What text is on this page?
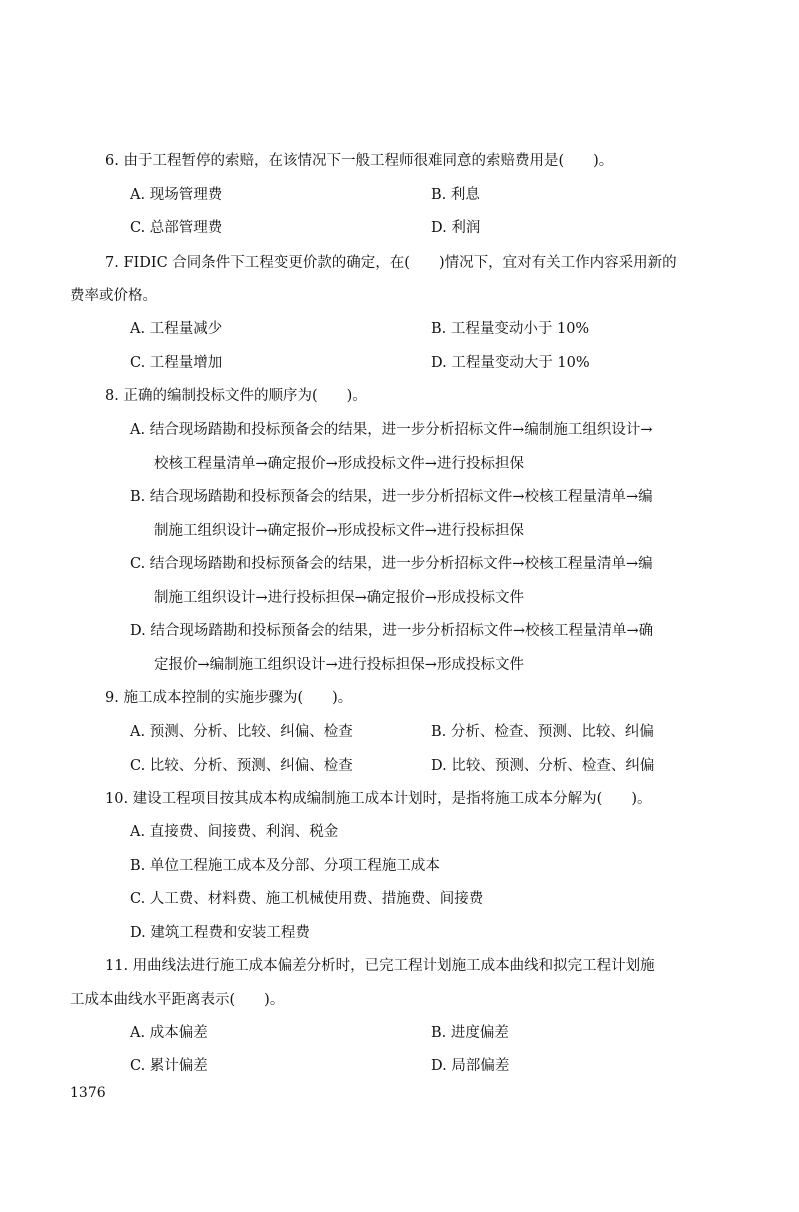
6. 由于工程暂停的索赔，在该情况下一般工程师很难同意的索赔费用是(　　)。
A. 现场管理费	B. 利息
C. 总部管理费	D. 利润
7. FIDIC 合同条件下工程变更价款的确定，在(　　)情况下，宜对有关工作内容采用新的
费率或价格。
A. 工程量减少	B. 工程量变动小于 10%
C. 工程量增加	D. 工程量变动大于 10%
8. 正确的编制投标文件的顺序为(　　)。
A. 结合现场踏勘和投标预备会的结果，进一步分析招标文件→编制施工组织设计→
校核工程量清单→确定报价→形成投标文件→进行投标担保
B. 结合现场踏勘和投标预备会的结果，进一步分析招标文件→校核工程量清单→编
制施工组织设计→确定报价→形成投标文件→进行投标担保
C. 结合现场踏勘和投标预备会的结果，进一步分析招标文件→校核工程量清单→编
制施工组织设计→进行投标担保→确定报价→形成投标文件
D. 结合现场踏勘和投标预备会的结果，进一步分析招标文件→校核工程量清单→确
定报价→编制施工组织设计→进行投标担保→形成投标文件
9. 施工成本控制的实施步骤为(　　)。
A. 预测、分析、比较、纠偏、检查	B. 分析、检查、预测、比较、纠偏
C. 比较、分析、预测、纠偏、检查	D. 比较、预测、分析、检查、纠偏
10. 建设工程项目按其成本构成编制施工成本计划时，是指将施工成本分解为(　　)。
A. 直接费、间接费、利润、税金
B. 单位工程施工成本及分部、分项工程施工成本
C. 人工费、材料费、施工机械使用费、措施费、间接费
D. 建筑工程费和安装工程费
11. 用曲线法进行施工成本偏差分析时，已完工程计划施工成本曲线和拟完工程计划施
工成本曲线水平距离表示(　　)。
A. 成本偏差	B. 进度偏差
C. 累计偏差	D. 局部偏差
1376
